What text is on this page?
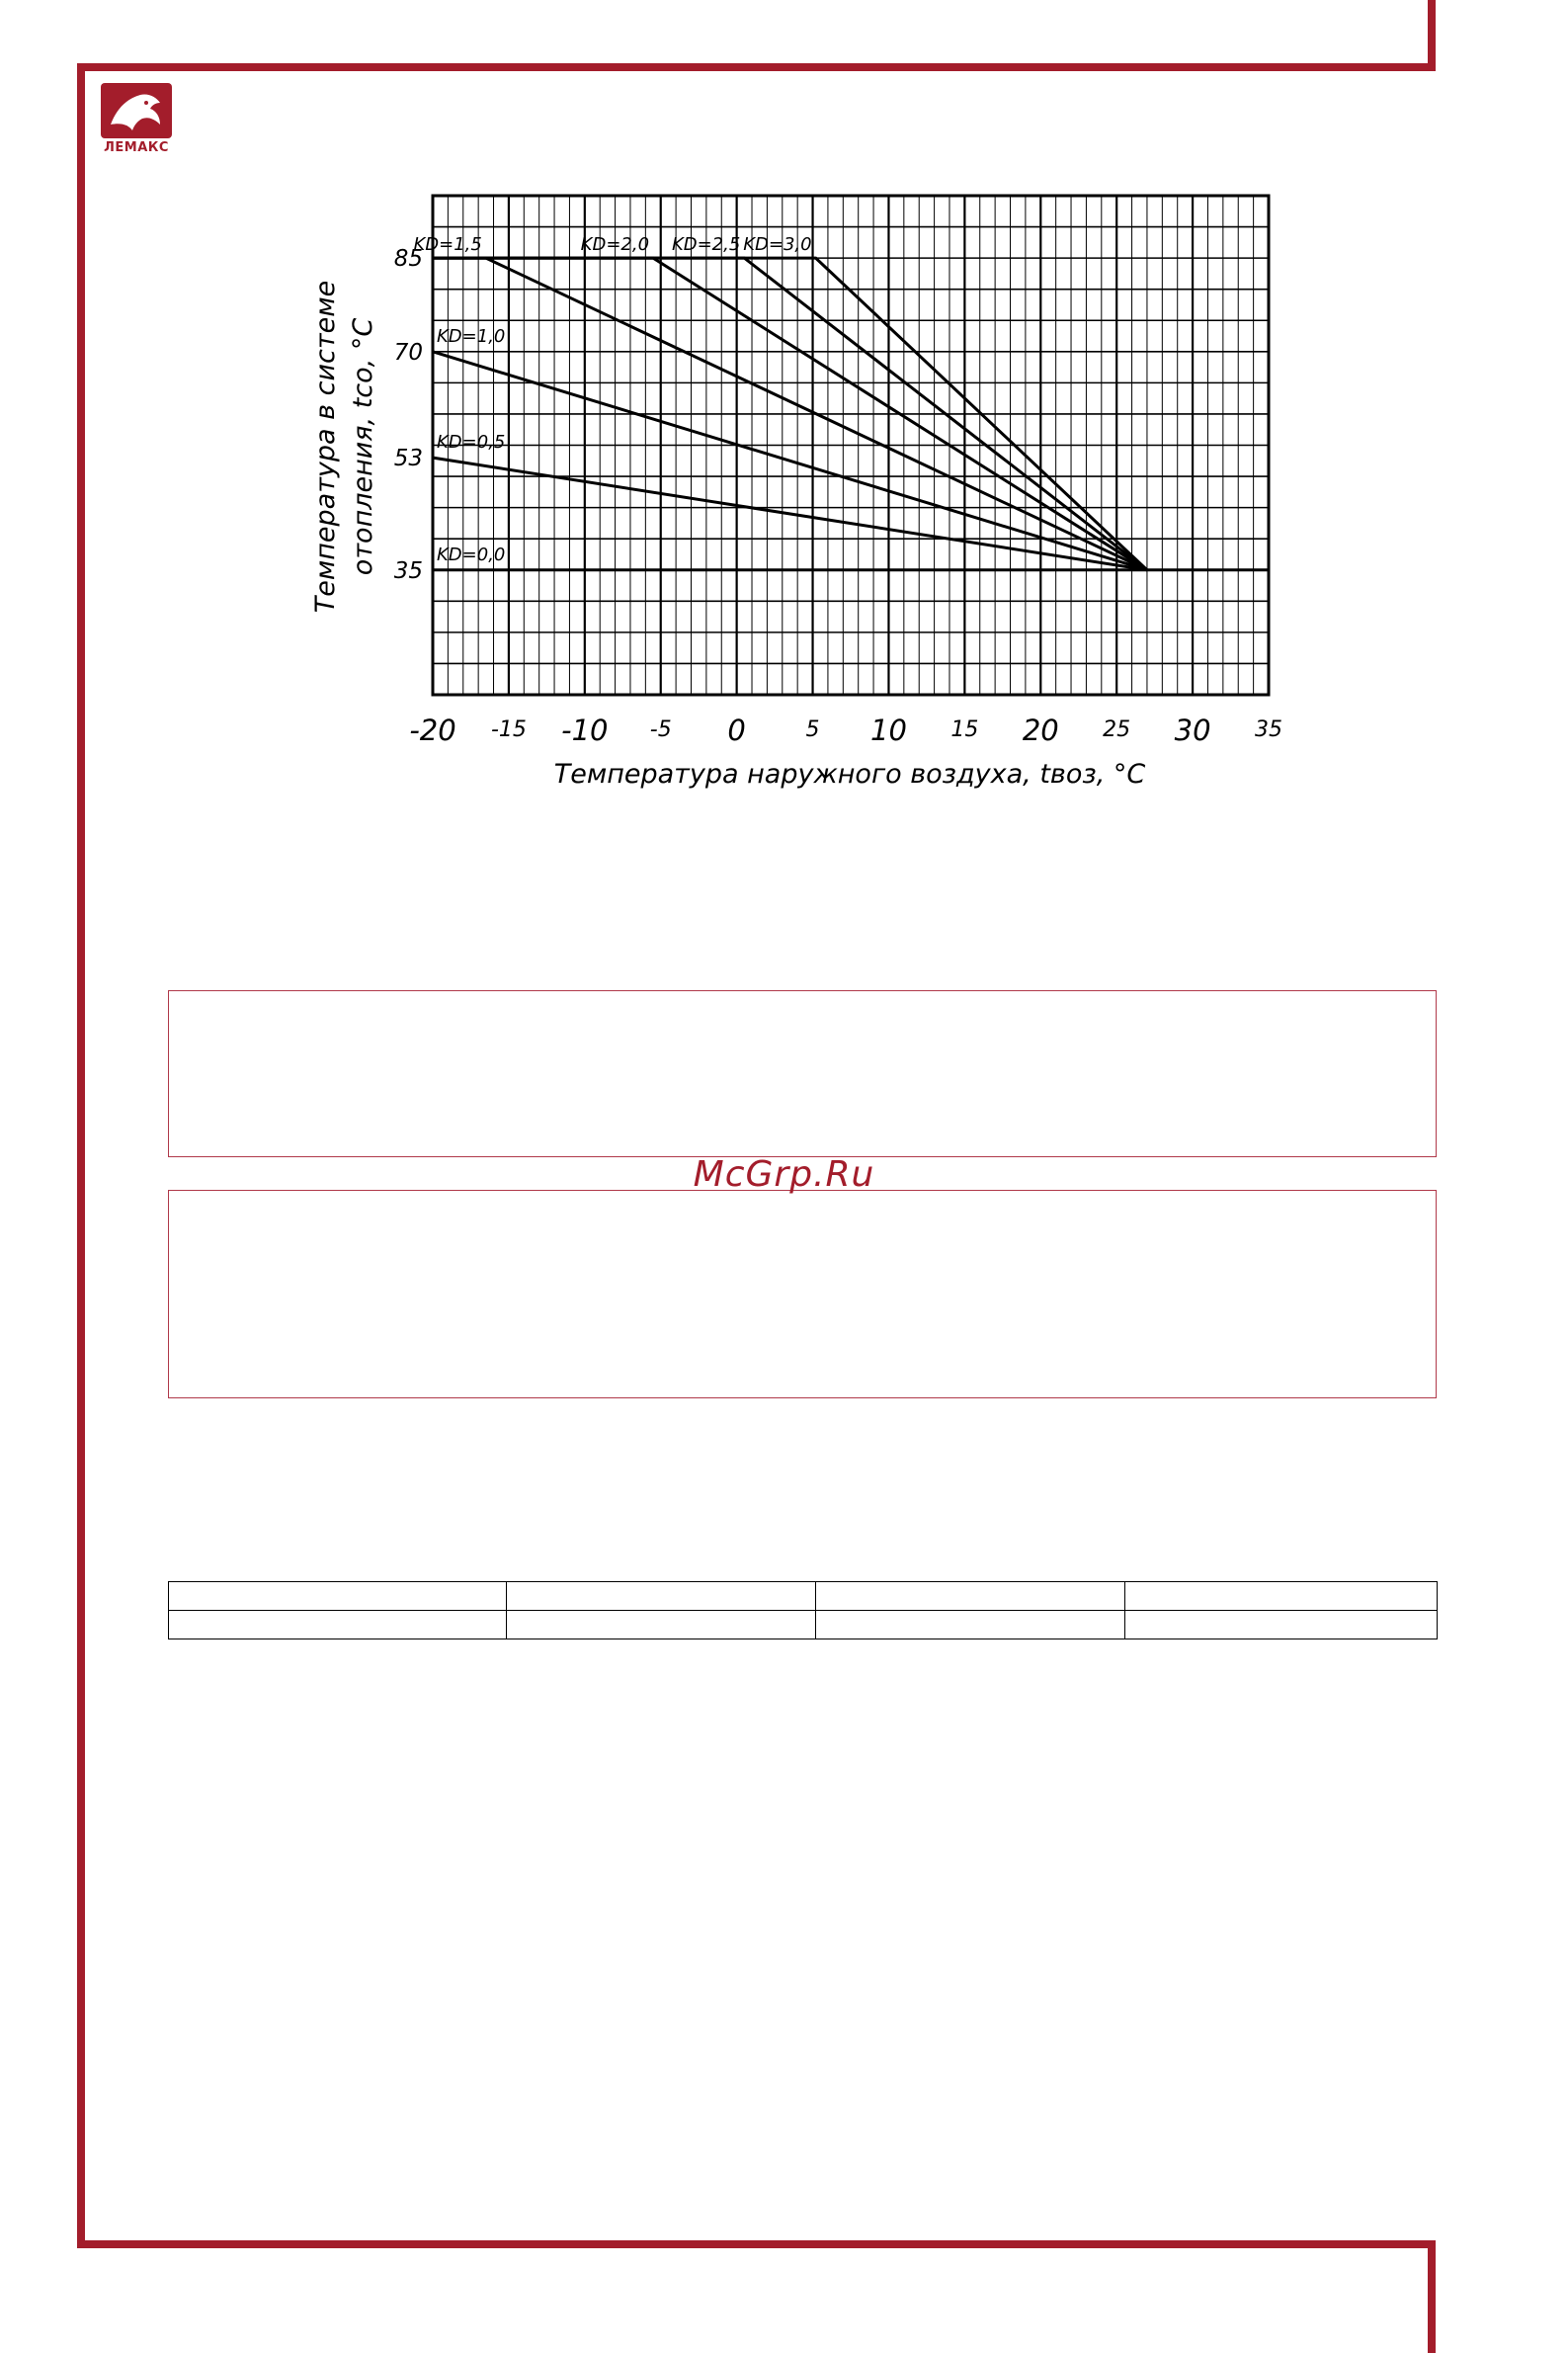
ЛЕМАКС
KD=0,0
KD=0,5
KD=1,0
KD=1,5	KD=2,0 KD=2,5 KD=3,0
-20 -15 -10 -5 0	5 10 15 20 25 30 35
35
53
70
85
Температура наружного воздуха, tвоз, °C
Температура в системе отопления, tсо, °C
McGrp.Ru
